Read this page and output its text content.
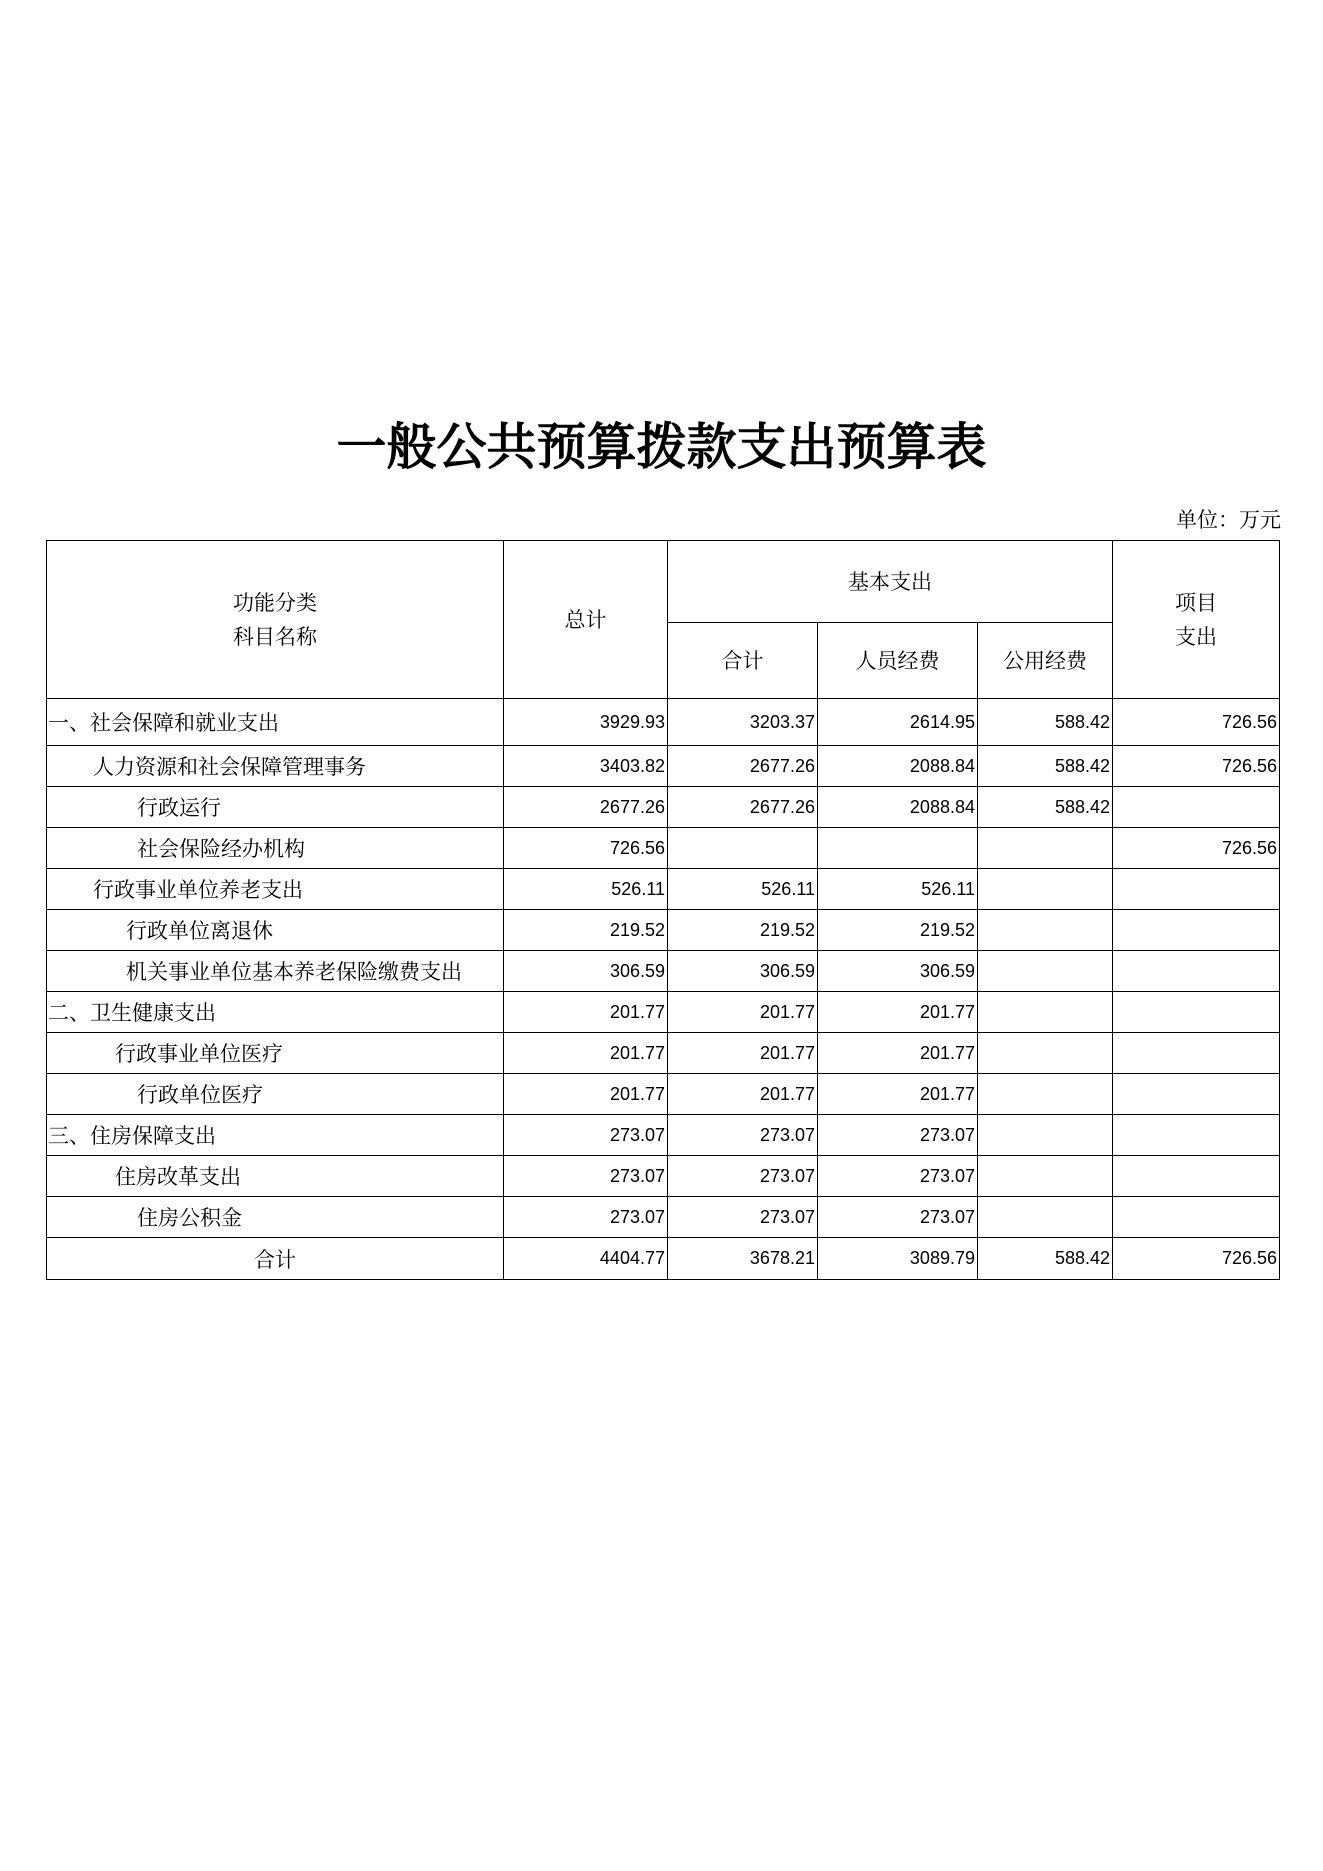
一般公共预算拨款支出预算表
单位：万元
功能分类
科目名称	总计	基本支出			项目
支出

		合计	人员经费	公用经费	
一、社会保障和就业支出	3929.93	3203.37	2614.95	588.42	726.56
人力资源和社会保障管理事务	3403.82	2677.26	2088.84	588.42	726.56
行政运行	2677.26	2677.26	2088.84	588.42	
社会保险经办机构	726.56				726.56
行政事业单位养老支出	526.11	526.11	526.11		
行政单位离退休	219.52	219.52	219.52		
机关事业单位基本养老保险缴费支出	306.59	306.59	306.59		
二、卫生健康支出	201.77	201.77	201.77		
行政事业单位医疗	201.77	201.77	201.77		
行政单位医疗	201.77	201.77	201.77		
三、住房保障支出	273.07	273.07	273.07		
住房改革支出	273.07	273.07	273.07		
住房公积金	273.07	273.07	273.07		
合计	4404.77	3678.21	3089.79	588.42	726.56
